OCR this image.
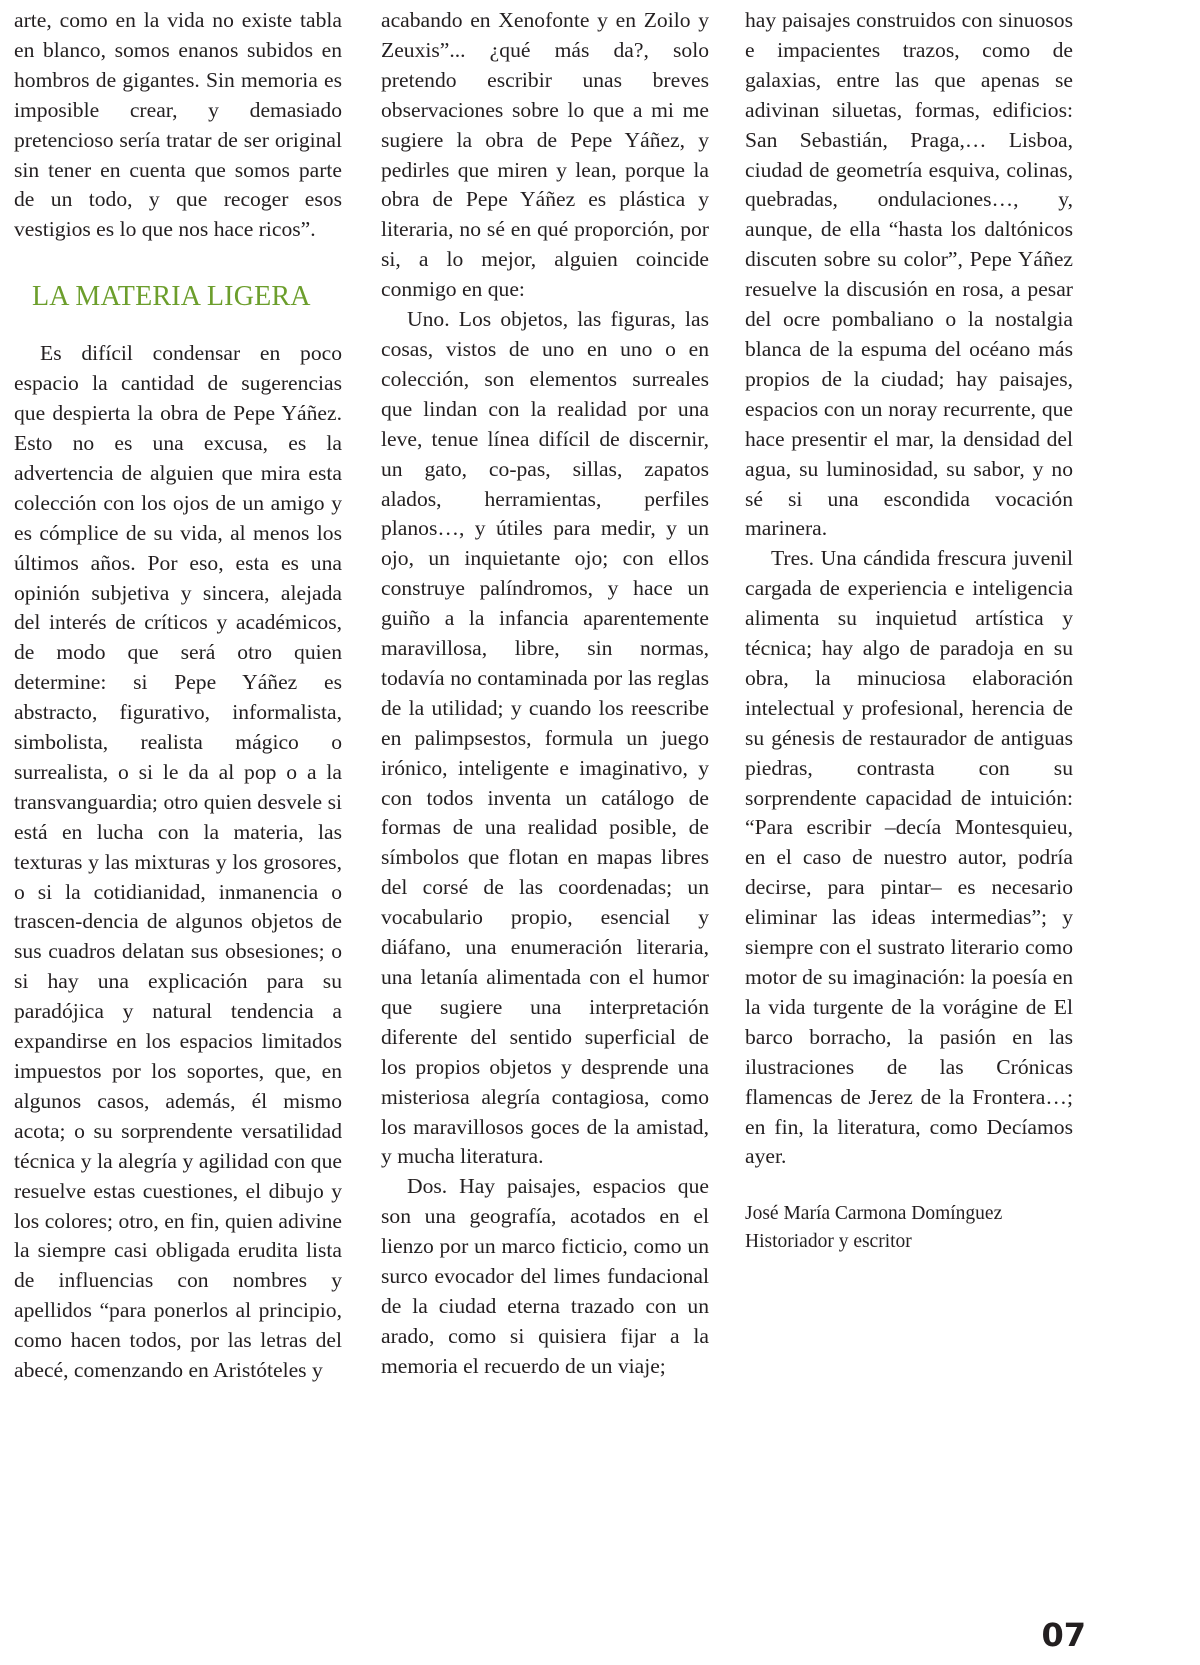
arte, como en la vida no existe tabla en blanco, somos enanos subidos en hombros de gigantes. Sin memoria es imposible crear, y demasiado pretencioso sería tratar de ser original sin tener en cuenta que somos parte de un todo, y que recoger esos vestigios es lo que nos hace ricos”.

LA MATERIA LIGERA

Es difícil condensar en poco espacio la cantidad de sugerencias que despierta la obra de Pepe Yáñez. Esto no es una excusa, es la advertencia de alguien que mira esta colección con los ojos de un amigo y es cómplice de su vida, al menos los últimos años. Por eso, esta es una opinión subjetiva y sincera, alejada del interés de críticos y académicos, de modo que será otro quien determine: si Pepe Yáñez es abstracto, figurativo, informalista, simbolista, realista mágico o surrealista, o si le da al pop o a la transvanguardia; otro quien desvele si está en lucha con la materia, las texturas y las mixturas y los grosores, o si la cotidianidad, inmanencia o trascen-dencia de algunos objetos de sus cuadros delatan sus obsesiones; o si hay una explicación para su paradójica y natural tendencia a expandirse en los espacios limitados impuestos por los soportes, que, en algunos casos, además, él mismo acota; o su sorprendente versatilidad técnica y la alegría y agilidad con que resuelve estas cuestiones, el dibujo y los colores; otro, en fin, quien adivine la siempre casi obligada erudita lista de influencias con nombres y apellidos “para ponerlos al principio, como hacen todos, por las letras del abecé, comenzando en Aristóteles y

acabando en Xenofonte y en Zoilo y Zeuxis”... ¿qué más da?, solo pretendo escribir unas breves observaciones sobre lo que a mi me sugiere la obra de Pepe Yáñez, y pedirles que miren y lean, porque la obra de Pepe Yáñez es plástica y literaria, no sé en qué proporción, por si, a lo mejor, alguien coincide conmigo en que:

Uno. Los objetos, las figuras, las cosas, vistos de uno en uno o en colección, son elementos surreales que lindan con la realidad por una leve, tenue línea difícil de discernir, un gato, co-pas, sillas, zapatos alados, herramientas, perfiles planos…, y útiles para medir, y un ojo, un inquietante ojo; con ellos construye palíndromos, y hace un guiño a la infancia aparentemente maravillosa, libre, sin normas, todavía no contaminada por las reglas de la utilidad; y cuando los reescribe en palimpsestos, formula un juego irónico, inteligente e imaginativo, y con todos inventa un catálogo de formas de una realidad posible, de símbolos que flotan en mapas libres del corsé de las coordenadas; un vocabulario propio, esencial y diáfano, una enumeración literaria, una letanía alimentada con el humor que sugiere una interpretación diferente del sentido superficial de los propios objetos y desprende una misteriosa alegría contagiosa, como los maravillosos goces de la amistad, y mucha literatura.

Dos. Hay paisajes, espacios que son una geografía, acotados en el lienzo por un marco ficticio, como un surco evocador del limes fundacional de la ciudad eterna trazado con un arado, como si quisiera fijar a la memoria el recuerdo de un viaje;

hay paisajes construidos con sinuosos e impacientes trazos, como de galaxias, entre las que apenas se adivinan siluetas, formas, edificios: San Sebastián, Praga,… Lisboa, ciudad de geometría esquiva, colinas, quebradas, ondulaciones…, y, aunque, de ella “hasta los daltónicos discuten sobre su color”, Pepe Yáñez resuelve la discusión en rosa, a pesar del ocre pombaliano o la nostalgia blanca de la espuma del océano más propios de la ciudad; hay paisajes, espacios con un noray recurrente, que hace presentir el mar, la densidad del agua, su luminosidad, su sabor, y no sé si una escondida vocación marinera.

Tres. Una cándida frescura juvenil cargada de experiencia e inteligencia alimenta su inquietud artística y técnica; hay algo de paradoja en su obra, la minuciosa elaboración intelectual y profesional, herencia de su génesis de restaurador de antiguas piedras, contrasta con su sorprendente capacidad de intuición: “Para escribir –decía Montesquieu, en el caso de nuestro autor, podría decirse, para pintar– es necesario eliminar las ideas intermedias”; y siempre con el sustrato literario como motor de su imaginación: la poesía en la vida turgente de la vorágine de El barco borracho, la pasión en las ilustraciones de las Crónicas flamencas de Jerez de la Frontera…; en fin, la literatura, como Decíamos ayer.

José María Carmona Domínguez
Historiador y escritor
07
